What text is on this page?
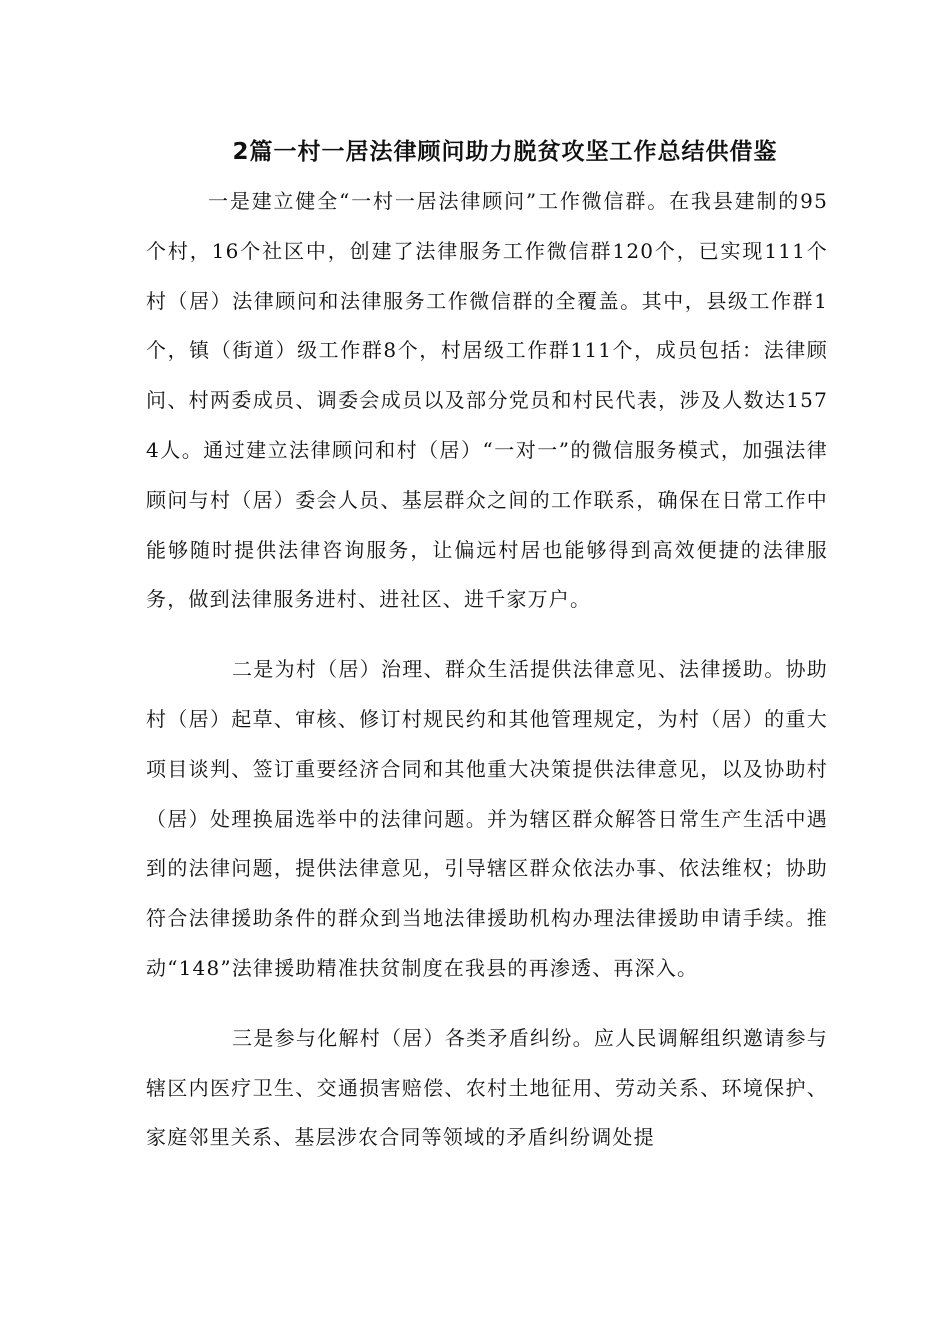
2篇一村一居法律顾问助力脱贫攻坚工作总结供借鉴

一是建立健全“一村一居法律顾问”工作微信群。在我县建制的95个村，16个社区中，创建了法律服务工作微信群120个，已实现111个村（居）法律顾问和法律服务工作微信群的全覆盖。其中，县级工作群1个，镇（街道）级工作群8个，村居级工作群111个，成员包括：法律顾问、村两委成员、调委会成员以及部分党员和村民代表，涉及人数达1574人。通过建立法律顾问和村（居）“一对一”的微信服务模式，加强法律顾问与村（居）委会人员、基层群众之间的工作联系，确保在日常工作中能够随时提供法律咨询服务，让偏远村居也能够得到高效便捷的法律服务，做到法律服务进村、进社区、进千家万户。

二是为村（居）治理、群众生活提供法律意见、法律援助。协助村（居）起草、审核、修订村规民约和其他管理规定，为村（居）的重大项目谈判、签订重要经济合同和其他重大决策提供法律意见，以及协助村（居）处理换届选举中的法律问题。并为辖区群众解答日常生产生活中遇到的法律问题，提供法律意见，引导辖区群众依法办事、依法维权；协助符合法律援助条件的群众到当地法律援助机构办理法律援助申请手续。推动“148”法律援助精准扶贫制度在我县的再渗透、再深入。

三是参与化解村（居）各类矛盾纠纷。应人民调解组织邀请参与辖区内医疗卫生、交通损害赔偿、农村土地征用、劳动关系、环境保护、家庭邻里关系、基层涉农合同等领域的矛盾纠纷调处提
